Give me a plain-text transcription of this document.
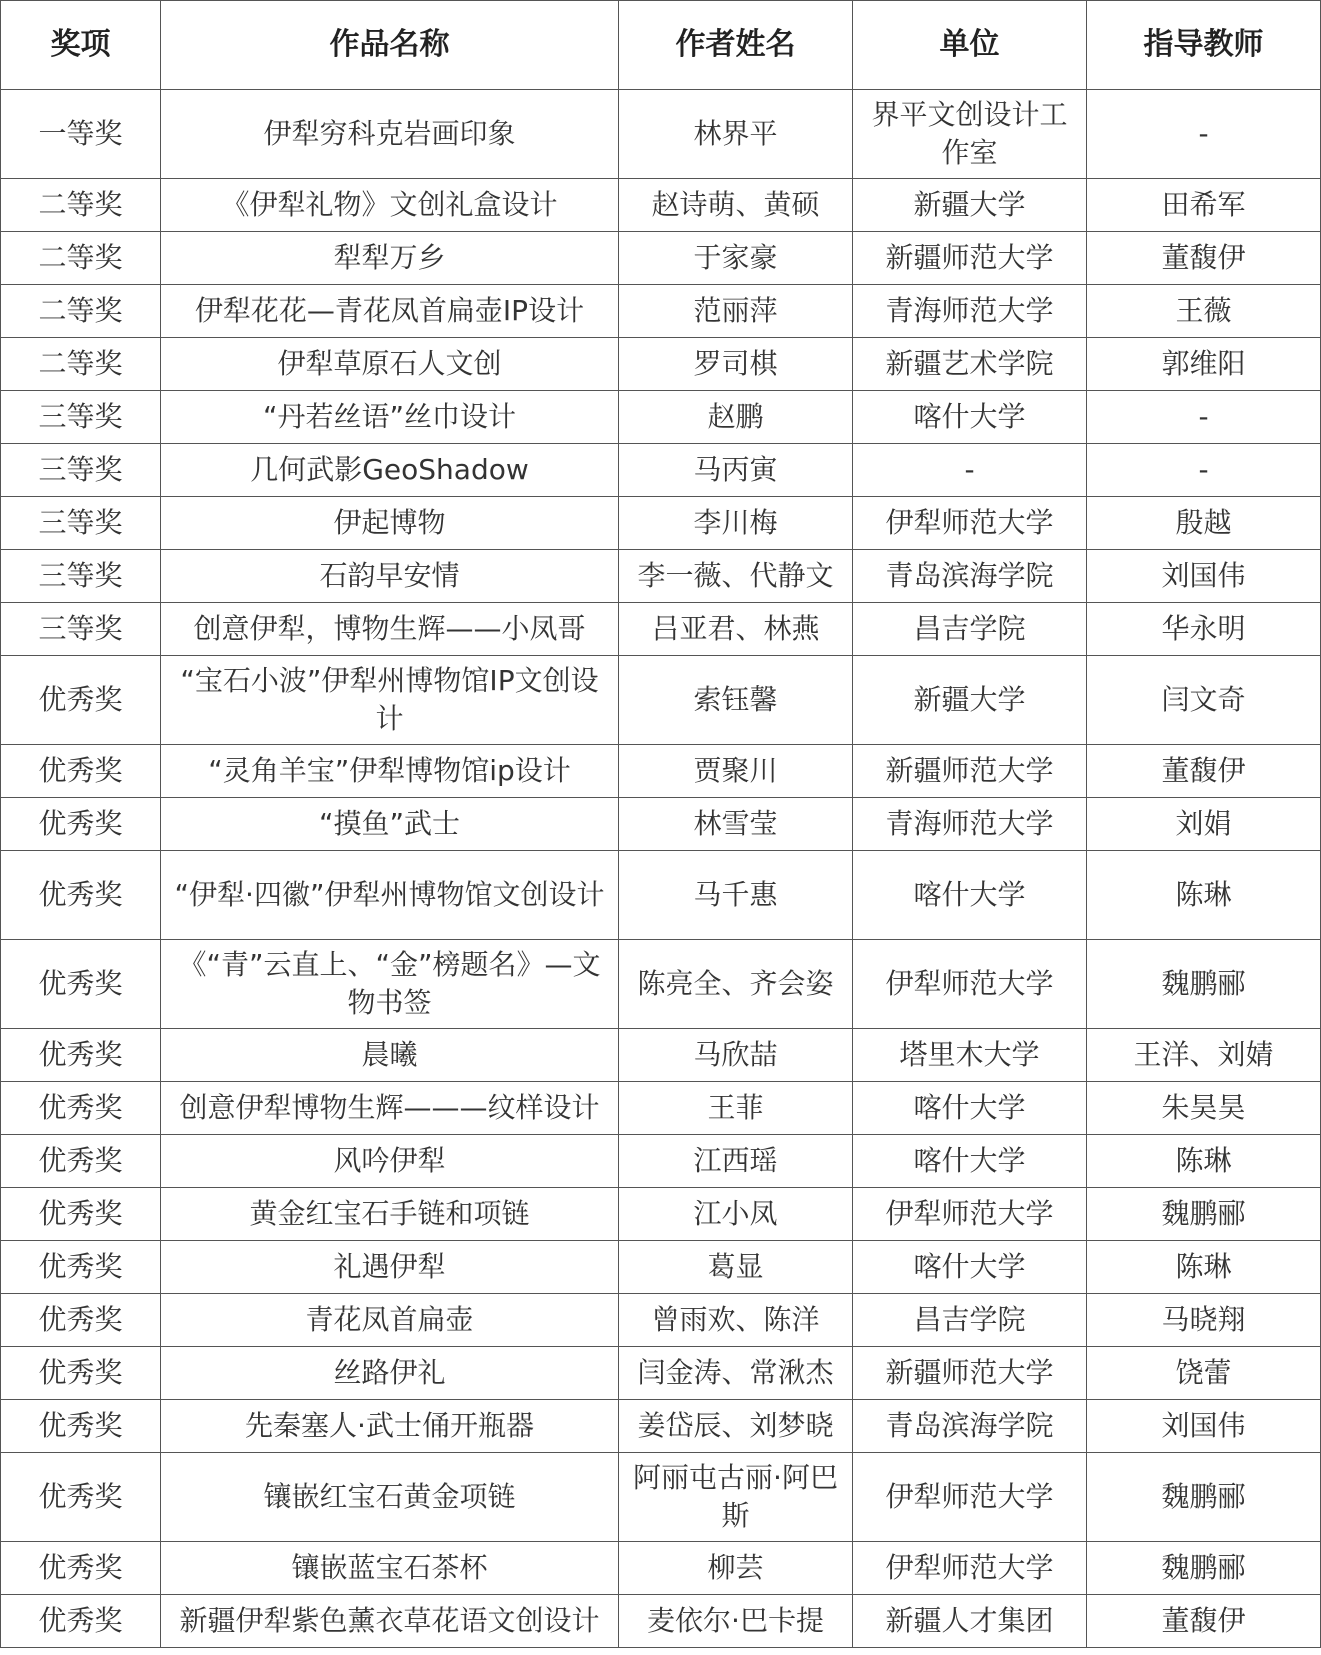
奖项	作品名称	作者姓名	单位	指导教师
一等奖	伊犁穷科克岩画印象	林界平	界平文创设计工作室	-
二等奖	《伊犁礼物》文创礼盒设计	赵诗萌、黄硕	新疆大学	田希军
二等奖	犁犁万乡	于家豪	新疆师范大学	董馥伊
二等奖	伊犁花花—青花凤首扁壶IP设计	范丽萍	青海师范大学	王薇
二等奖	伊犁草原石人文创	罗司棋	新疆艺术学院	郭维阳
三等奖	“丹若丝语”丝巾设计	赵鹏	喀什大学	-
三等奖	几何武影GeoShadow	马丙寅	-	-
三等奖	伊起博物	李川梅	伊犁师范大学	殷越
三等奖	石韵早安情	李一薇、代静文	青岛滨海学院	刘国伟
三等奖	创意伊犁，博物生辉——小凤哥	吕亚君、林燕	昌吉学院	华永明
优秀奖	“宝石小波”伊犁州博物馆IP文创设计	索钰馨	新疆大学	闫文奇
优秀奖	“灵角羊宝”伊犁博物馆ip设计	贾聚川	新疆师范大学	董馥伊
优秀奖	“摸鱼”武士	林雪莹	青海师范大学	刘娟
优秀奖	“伊犁·四徽”伊犁州博物馆文创设计	马千惠	喀什大学	陈琳
优秀奖	《“青”云直上、“金”榜题名》—文物书签	陈亮全、齐会姿	伊犁师范大学	魏鹏郦
优秀奖	晨曦	马欣喆	塔里木大学	王洋、刘婧
优秀奖	创意伊犁博物生辉———纹样设计	王菲	喀什大学	朱昊昊
优秀奖	风吟伊犁	江西瑶	喀什大学	陈琳
优秀奖	黄金红宝石手链和项链	江小凤	伊犁师范大学	魏鹏郦
优秀奖	礼遇伊犁	葛显	喀什大学	陈琳
优秀奖	青花凤首扁壶	曾雨欢、陈洋	昌吉学院	马晓翔
优秀奖	丝路伊礼	闫金涛、常湫杰	新疆师范大学	饶蕾
优秀奖	先秦塞人·武士俑开瓶器	姜岱辰、刘梦晓	青岛滨海学院	刘国伟
优秀奖	镶嵌红宝石黄金项链	阿丽屯古丽·阿巴斯	伊犁师范大学	魏鹏郦
优秀奖	镶嵌蓝宝石茶杯	柳芸	伊犁师范大学	魏鹏郦
优秀奖	新疆伊犁紫色薰衣草花语文创设计	麦依尔·巴卡提	新疆人才集团	董馥伊
